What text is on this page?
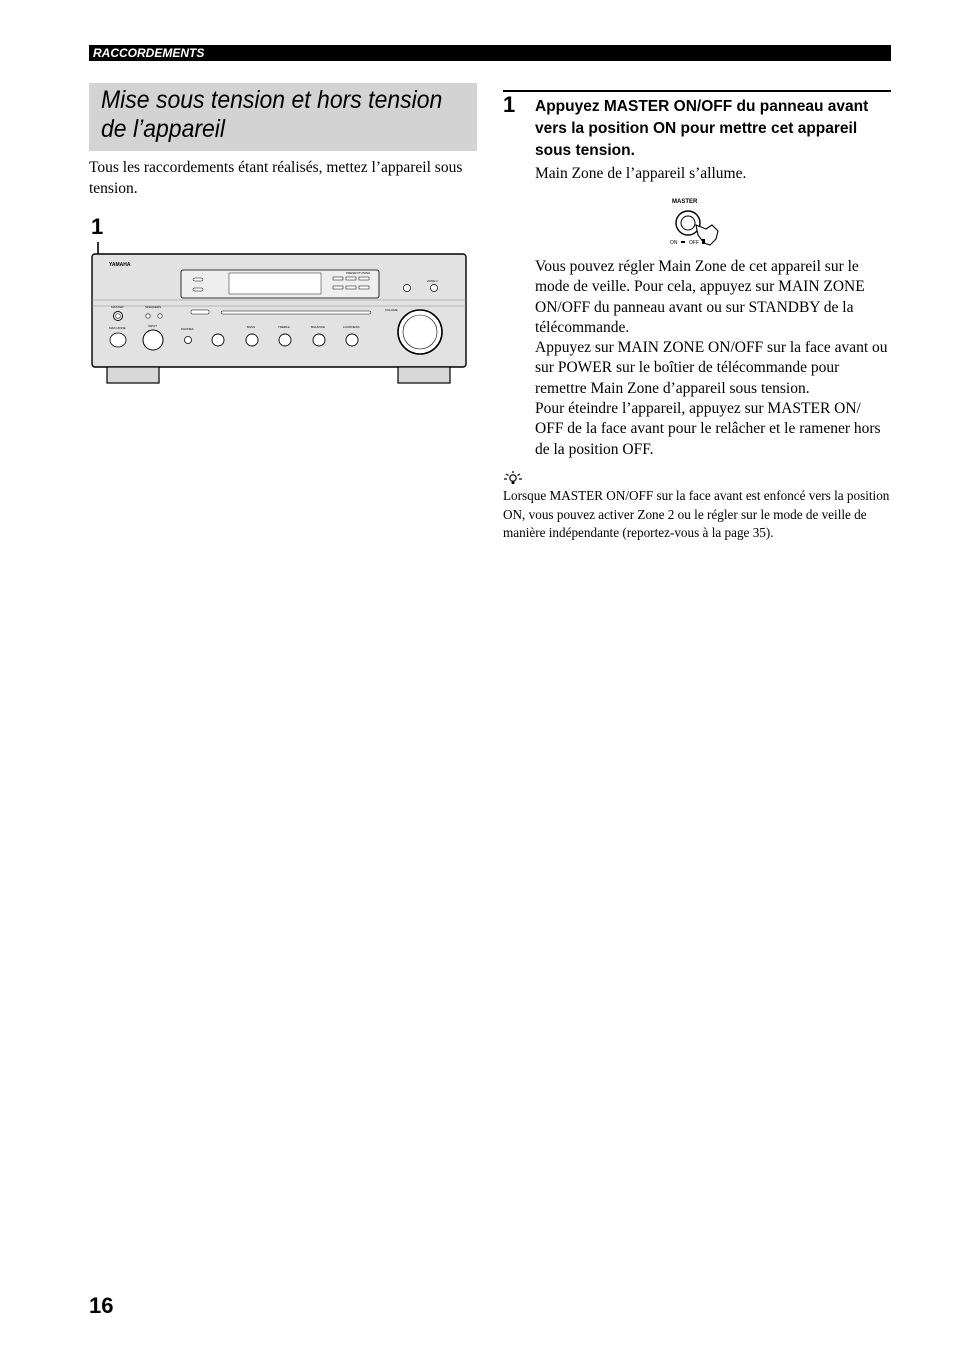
RACCORDEMENTS
Mise sous tension et hors tension
de l’appareil
Tous les raccordements étant réalisés, mettez l’appareil sous tension.
1
YAMAHA
PRESET/TUNING
ZONE 2
MASTER	SPEAKERS
MAIN ZONE	INPUT
PHONES	BASS	TREBLE	BALANCE	LOUDNESS
VOLUME
1 Appuyez MASTER ON/OFF du panneau avant vers la position ON pour mettre cet appareil sous tension.
Main Zone de l’appareil s’allume.
MASTER
ON OFF

Vous pouvez régler Main Zone de cet appareil sur le mode de veille. Pour cela, appuyez sur MAIN ZONE ON/OFF du panneau avant ou sur STANDBY de la télécommande.

Appuyez sur MAIN ZONE ON/OFF sur la face avant ou sur POWER sur le boîtier de télécommande pour remettre Main Zone d’appareil sous tension.

Pour éteindre l’appareil, appuyez sur MASTER ON/ OFF de la face avant pour le relâcher et le ramener hors de la position OFF.

Lorsque MASTER ON/OFF sur la face avant est enfoncé vers la position ON, vous pouvez activer Zone 2 ou le régler sur le mode de veille de manière indépendante (reportez-vous à la page 35).
16
